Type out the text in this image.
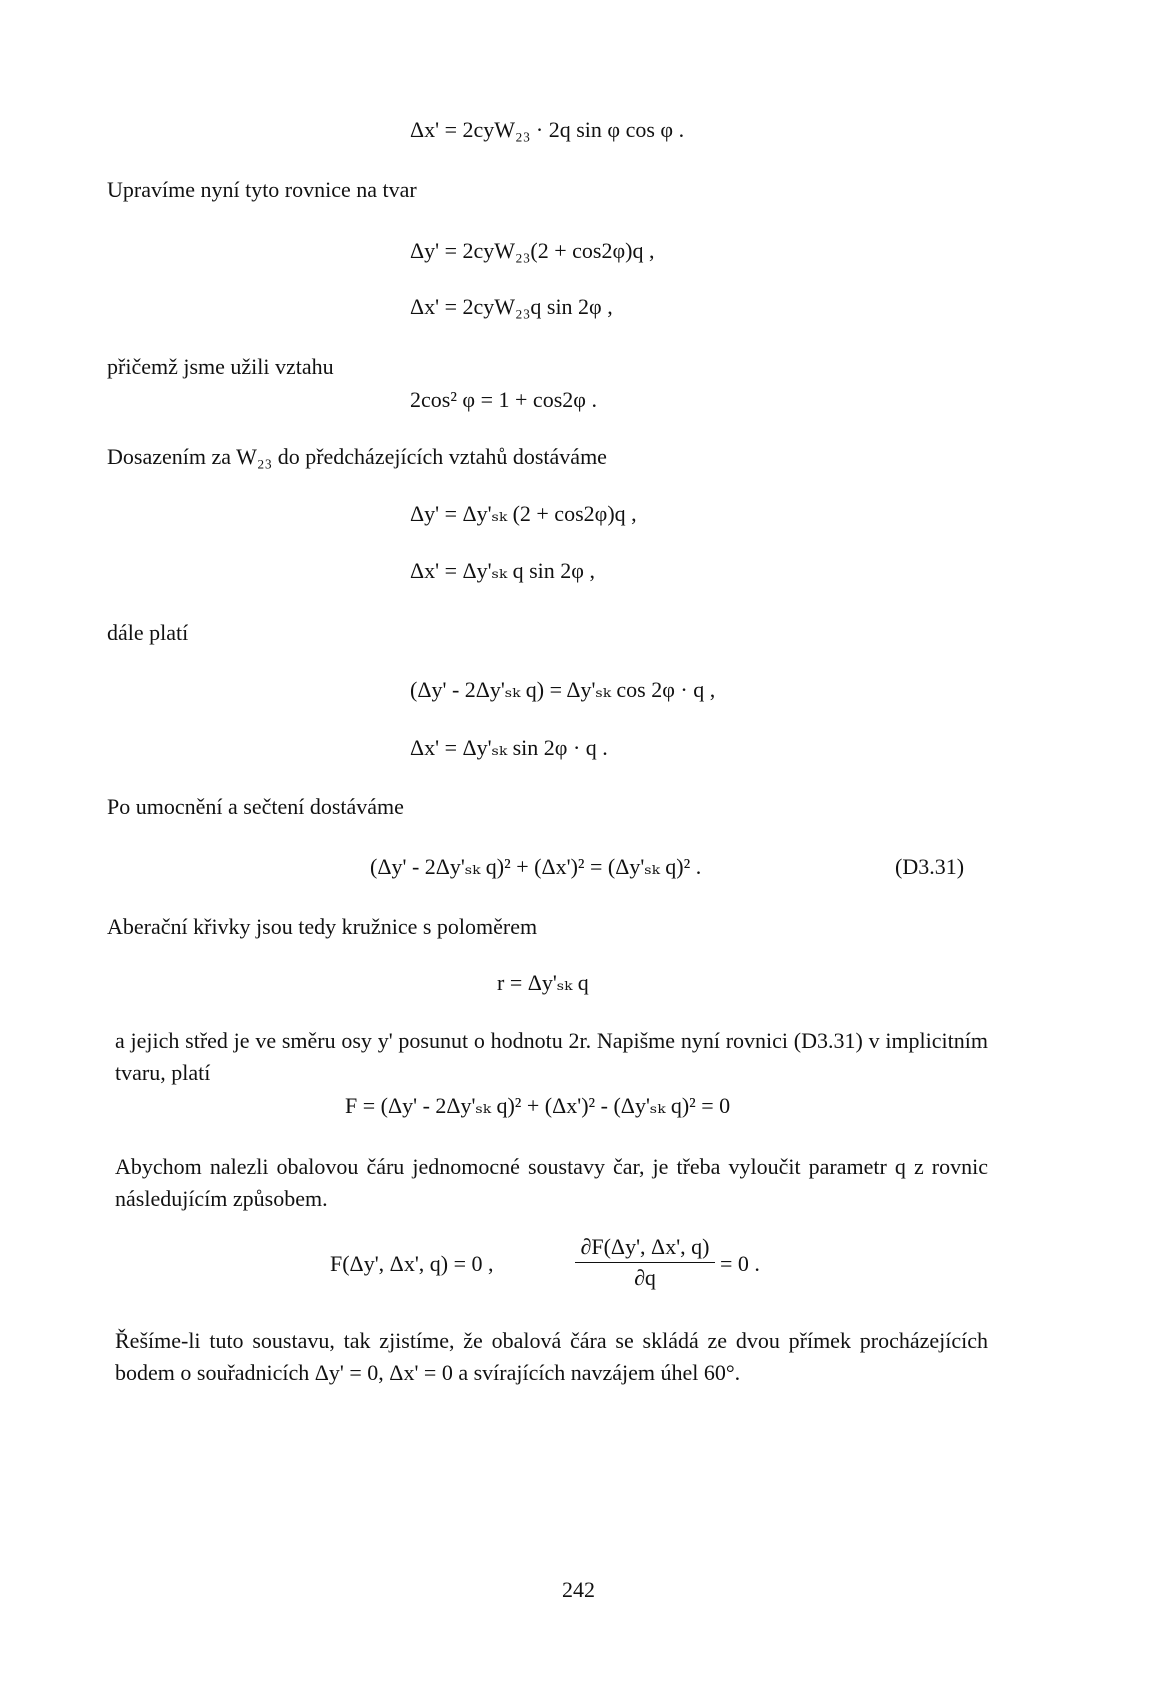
Δx' = 2cyW₂₃ · 2q sin φ cos φ .
Upravíme nyní tyto rovnice na tvar
Δy' = 2cyW₂₃(2 + cos2φ)q ,
Δx' = 2cyW₂₃q sin 2φ ,
přičemž jsme užili vztahu
2cos² φ = 1 + cos2φ .
Dosazením za W₂₃ do předcházejících vztahů dostáváme
Δy' = Δy'ₛₖ (2 + cos2φ)q ,
Δx' = Δy'ₛₖ q sin 2φ ,
dále platí
(Δy' - 2Δy'ₛₖ q) = Δy'ₛₖ cos 2φ · q ,
Δx' = Δy'ₛₖ sin 2φ · q .
Po umocnění a sečtení dostáváme
(Δy' - 2Δy'ₛₖ q)² + (Δx')² = (Δy'ₛₖ q)² .	(D3.31)
Aberační křivky jsou tedy kružnice s poloměrem
r = Δy'ₛₖ q
a jejich střed je ve směru osy y' posunut o hodnotu 2r. Napišme nyní rovnici (D3.31) v implicitním tvaru, platí
F = (Δy' - 2Δy'ₛₖ q)² + (Δx')² - (Δy'ₛₖ q)² = 0
Abychom nalezli obalovou čáru jednomocné soustavy čar, je třeba vyloučit parametr q z rovnic následujícím způsobem.
F(Δy', Δx', q) = 0 ,	$\frac{\partial F(\Delta y', \Delta x', q)}{\partial q} = 0$ .
Řešíme-li tuto soustavu, tak zjistíme, že obalová čára se skládá ze dvou přímek procházejících bodem o souřadnicích Δy' = 0, Δx' = 0 a svírajících navzájem úhel 60°.
242
